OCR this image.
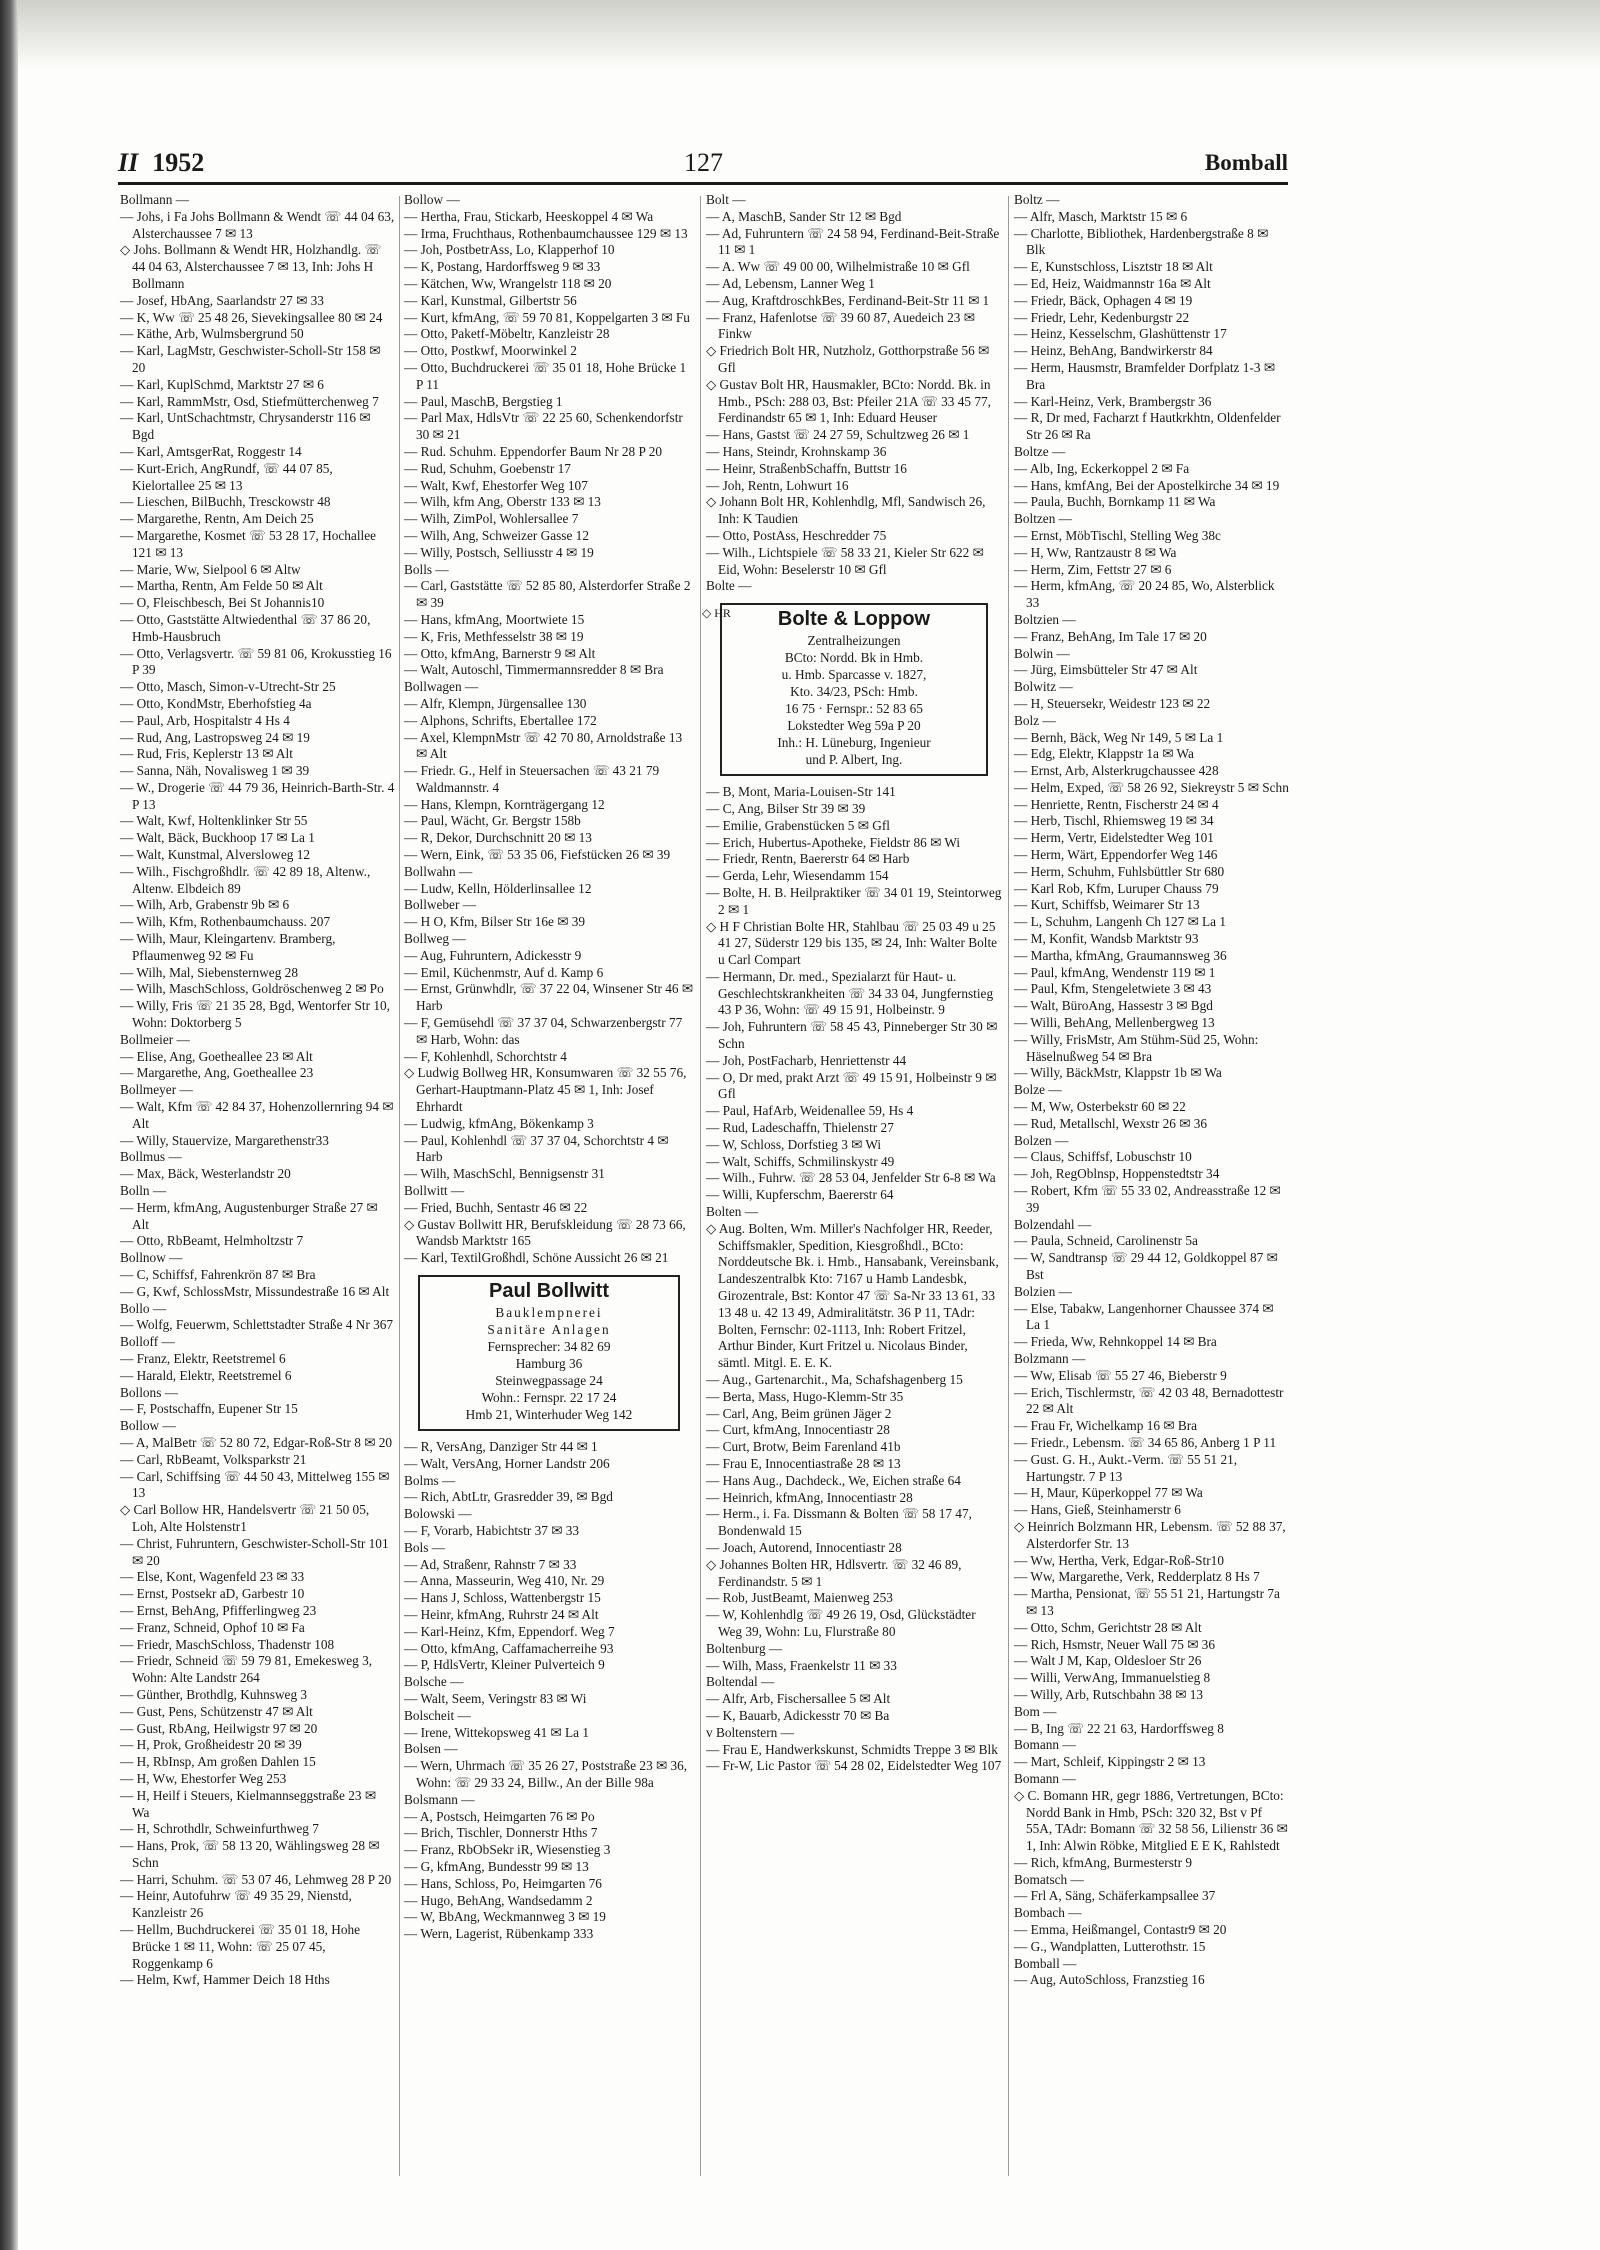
II 1952	127	Bomball

Bollmann —

— Johs, i Fa Johs Bollmann & Wendt ☏ 44 04 63, Alsterchaussee 7 ✉ 13

◇ Johs. Bollmann & Wendt HR, Holzhandlg. ☏ 44 04 63, Alsterchaussee 7 ✉ 13, Inh: Johs H Bollmann

— Josef, HbAng, Saarlandstr 27 ✉ 33

— K, Ww ☏ 25 48 26, Sievekingsallee 80 ✉ 24

— Käthe, Arb, Wulmsbergrund 50

— Karl, LagMstr, Geschwister-Scholl-Str 158 ✉ 20

— Karl, KuplSchmd, Marktstr 27 ✉ 6

— Karl, RammMstr, Osd, Stiefmütterchenweg 7

— Karl, UntSchachtmstr, Chrysanderstr 116 ✉ Bgd

— Karl, AmtsgerRat, Roggestr 14

— Kurt-Erich, AngRundf, ☏ 44 07 85, Kielortallee 25 ✉ 13

— Lieschen, BilBuchh, Tresckowstr 48

— Margarethe, Rentn, Am Deich 25

— Margarethe, Kosmet ☏ 53 28 17, Hochallee 121 ✉ 13

— Marie, Ww, Sielpool 6 ✉ Altw

— Martha, Rentn, Am Felde 50 ✉ Alt

— O, Fleischbesch, Bei St Johannis10

— Otto, Gaststätte Altwiedenthal ☏ 37 86 20, Hmb-Hausbruch

— Otto, Verlagsvertr. ☏ 59 81 06, Krokusstieg 16 P 39

— Otto, Masch, Simon-v-Utrecht-Str 25

— Otto, KondMstr, Eberhofstieg 4a

— Paul, Arb, Hospitalstr 4 Hs 4

— Rud, Ang, Lastropsweg 24 ✉ 19

— Rud, Fris, Keplerstr 13 ✉ Alt

— Sanna, Näh, Novalisweg 1 ✉ 39

— W., Drogerie ☏ 44 79 36, Heinrich-Barth-Str. 4 P 13

— Walt, Kwf, Holtenklinker Str 55

— Walt, Bäck, Buckhoop 17 ✉ La 1

— Walt, Kunstmal, Alversloweg 12

— Wilh., Fischgroßhdlr. ☏ 42 89 18, Altenw., Altenw. Elbdeich 89

— Wilh, Arb, Grabenstr 9b ✉ 6

— Wilh, Kfm, Rothenbaumchauss. 207

— Wilh, Maur, Kleingartenv. Bramberg, Pflaumenweg 92 ✉ Fu

— Wilh, Mal, Siebensternweg 28

— Wilh, MaschSchloss, Goldröschenweg 2 ✉ Po

— Willy, Fris ☏ 21 35 28, Bgd, Wentorfer Str 10, Wohn: Doktorberg 5

Bollmeier —

— Elise, Ang, Goetheallee 23 ✉ Alt

— Margarethe, Ang, Goetheallee 23

Bollmeyer —

— Walt, Kfm ☏ 42 84 37, Hohenzollernring 94 ✉ Alt

— Willy, Stauervize, Margarethenstr33

Bollmus —

— Max, Bäck, Westerlandstr 20

Bolln —

— Herm, kfmAng, Augustenburger Straße 27 ✉ Alt

— Otto, RbBeamt, Helmholtzstr 7

Bollnow —

— C, Schiffsf, Fahrenkrön 87 ✉ Bra

— G, Kwf, SchlossMstr, Missundestraße 16 ✉ Alt

Bollo —

— Wolfg, Feuerwm, Schlettstadter Straße 4 Nr 367

Bolloff —

— Franz, Elektr, Reetstremel 6

— Harald, Elektr, Reetstremel 6

Bollons —

— F, Postschaffn, Eupener Str 15

Bollow —

— A, MalBetr ☏ 52 80 72, Edgar-Roß-Str 8 ✉ 20

— Carl, RbBeamt, Volksparkstr 21

— Carl, Schiffsing ☏ 44 50 43, Mittelweg 155 ✉ 13

◇ Carl Bollow HR, Handelsvertr ☏ 21 50 05, Loh, Alte Holstenstr1

— Christ, Fuhruntern, Geschwister-Scholl-Str 101 ✉ 20

— Else, Kont, Wagenfeld 23 ✉ 33

— Ernst, Postsekr aD, Garbestr 10

— Ernst, BehAng, Pfifferlingweg 23

— Franz, Schneid, Ophof 10 ✉ Fa

— Friedr, MaschSchloss, Thadenstr 108

— Friedr, Schneid ☏ 59 79 81, Emekesweg 3, Wohn: Alte Landstr 264

— Günther, Brothdlg, Kuhnsweg 3

— Gust, Pens, Schützenstr 47 ✉ Alt

— Gust, RbAng, Heilwigstr 97 ✉ 20

— H, Prok, Großheidestr 20 ✉ 39

— H, RbInsp, Am großen Dahlen 15

— H, Ww, Ehestorfer Weg 253

— H, Heilf i Steuers, Kielmannseggstraße 23 ✉ Wa

— H, Schrothdlr, Schweinfurthweg 7

— Hans, Prok, ☏ 58 13 20, Wählingsweg 28 ✉ Schn

— Harri, Schuhm. ☏ 53 07 46, Lehmweg 28 P 20

— Heinr, Autofuhrw ☏ 49 35 29, Nienstd, Kanzleistr 26

— Hellm, Buchdruckerei ☏ 35 01 18, Hohe Brücke 1 ✉ 11, Wohn: ☏ 25 07 45, Roggenkamp 6

— Helm, Kwf, Hammer Deich 18 Hths

Bollow —

— Hertha, Frau, Stickarb, Heeskoppel 4 ✉ Wa

— Irma, Fruchthaus, Rothenbaumchaussee 129 ✉ 13

— Joh, PostbetrAss, Lo, Klapperhof 10

— K, Postang, Hardorffsweg 9 ✉ 33

— Kätchen, Ww, Wrangelstr 118 ✉ 20

— Karl, Kunstmal, Gilbertstr 56

— Kurt, kfmAng, ☏ 59 70 81, Koppelgarten 3 ✉ Fu

— Otto, Paketf-Möbeltr, Kanzleistr 28

— Otto, Postkwf, Moorwinkel 2

— Otto, Buchdruckerei ☏ 35 01 18, Hohe Brücke 1 P 11

— Paul, MaschB, Bergstieg 1

— Parl Max, HdlsVtr ☏ 22 25 60, Schenkendorfstr 30 ✉ 21

— Rud. Schuhm. Eppendorfer Baum Nr 28 P 20

— Rud, Schuhm, Goebenstr 17

— Walt, Kwf, Ehestorfer Weg 107

— Wilh, kfm Ang, Oberstr 133 ✉ 13

— Wilh, ZimPol, Wohlersallee 7

— Wilh, Ang, Schweizer Gasse 12

— Willy, Postsch, Selliusstr 4 ✉ 19

Bolls —

— Carl, Gaststätte ☏ 52 85 80, Alsterdorfer Straße 2 ✉ 39

— Hans, kfmAng, Moortwiete 15

— K, Fris, Methfesselstr 38 ✉ 19

— Otto, kfmAng, Barnerstr 9 ✉ Alt

— Walt, Autoschl, Timmermannsredder 8 ✉ Bra

Bollwagen —

— Alfr, Klempn, Jürgensallee 130

— Alphons, Schrifts, Ebertallee 172

— Axel, KlempnMstr ☏ 42 70 80, Arnoldstraße 13 ✉ Alt

— Friedr. G., Helf in Steuersachen ☏ 43 21 79 Waldmannstr. 4

— Hans, Klempn, Kornträgergang 12

— Paul, Wächt, Gr. Bergstr 158b

— R, Dekor, Durchschnitt 20 ✉ 13

— Wern, Eink, ☏ 53 35 06, Fiefstücken 26 ✉ 39

Bollwahn —

— Ludw, Kelln, Hölderlinsallee 12

Bollweber —

— H O, Kfm, Bilser Str 16e ✉ 39

Bollweg —

— Aug, Fuhruntern, Adickesstr 9

— Emil, Küchenmstr, Auf d. Kamp 6

— Ernst, Grünwhdlr, ☏ 37 22 04, Winsener Str 46 ✉ Harb

— F, Gemüsehdl ☏ 37 37 04, Schwarzenbergstr 77 ✉ Harb, Wohn: das

— F, Kohlenhdl, Schorchtstr 4

◇ Ludwig Bollweg HR, Konsumwaren ☏ 32 55 76, Gerhart-Hauptmann-Platz 45 ✉ 1, Inh: Josef Ehrhardt

— Ludwig, kfmAng, Bökenkamp 3

— Paul, Kohlenhdl ☏ 37 37 04, Schorchtstr 4 ✉ Harb

— Wilh, MaschSchl, Bennigsenstr 31

Bollwitt —

— Fried, Buchh, Sentastr 46 ✉ 22

◇ Gustav Bollwitt HR, Berufskleidung ☏ 28 73 66, Wandsb Marktstr 165

— Karl, TextilGroßhdl, Schöne Aussicht 26 ✉ 21

Paul Bollwitt
Bauklempnerei
Sanitäre Anlagen
Fernsprecher: 34 82 69
Hamburg 36
Steinwegpassage 24
Wohn.: Fernspr. 22 17 24
Hmb 21, Winterhuder Weg 142

— R, VersAng, Danziger Str 44 ✉ 1

— Walt, VersAng, Horner Landstr 206

Bolms —

— Rich, AbtLtr, Grasredder 39, ✉ Bgd

Bolowski —

— F, Vorarb, Habichtstr 37 ✉ 33

Bols —

— Ad, Straßenr, Rahnstr 7 ✉ 33

— Anna, Masseurin, Weg 410, Nr. 29

— Hans J, Schloss, Wattenbergstr 15

— Heinr, kfmAng, Ruhrstr 24 ✉ Alt

— Karl-Heinz, Kfm, Eppendorf. Weg 7

— Otto, kfmAng, Caffamacherreihe 93

— P, HdlsVertr, Kleiner Pulverteich 9

Bolsche —

— Walt, Seem, Veringstr 83 ✉ Wi

Bolscheit —

— Irene, Wittekopsweg 41 ✉ La 1

Bolsen —

— Wern, Uhrmach ☏ 35 26 27, Poststraße 23 ✉ 36, Wohn: ☏ 29 33 24, Billw., An der Bille 98a

Bolsmann —

— A, Postsch, Heimgarten 76 ✉ Po

— Brich, Tischler, Donnerstr Hths 7

— Franz, RbObSekr iR, Wiesenstieg 3

— G, kfmAng, Bundesstr 99 ✉ 13

— Hans, Schloss, Po, Heimgarten 76

— Hugo, BehAng, Wandsedamm 2

— W, BbAng, Weckmannweg 3 ✉ 19

— Wern, Lagerist, Rübenkamp 333

Bolt —

— A, MaschB, Sander Str 12 ✉ Bgd

— Ad, Fuhruntern ☏ 24 58 94, Ferdinand-Beit-Straße 11 ✉ 1

— A. Ww ☏ 49 00 00, Wilhelmistraße 10 ✉ Gfl

— Ad, Lebensm, Lanner Weg 1

— Aug, KraftdroschkBes, Ferdinand-Beit-Str 11 ✉ 1

— Franz, Hafenlotse ☏ 39 60 87, Auedeich 23 ✉ Finkw

◇ Friedrich Bolt HR, Nutzholz, Gotthorpstraße 56 ✉ Gfl

◇ Gustav Bolt HR, Hausmakler, BCto: Nordd. Bk. in Hmb., PSch: 288 03, Bst: Pfeiler 21A ☏ 33 45 77, Ferdinandstr 65 ✉ 1, Inh: Eduard Heuser

— Hans, Gastst ☏ 24 27 59, Schultzweg 26 ✉ 1

— Hans, Steindr, Krohnskamp 36

— Heinr, StraßenbSchaffn, Buttstr 16

— Joh, Rentn, Lohwurt 16

◇ Johann Bolt HR, Kohlenhdlg, Mfl, Sandwisch 26, Inh: K Taudien

— Otto, PostAss, Heschredder 75

— Wilh., Lichtspiele ☏ 58 33 21, Kieler Str 622 ✉ Eid, Wohn: Beselerstr 10 ✉ Gfl

Bolte —

◇ HR	Bolte & Loppow
Zentralheizungen
BCto: Nordd. Bk in Hmb.
u. Hmb. Sparcasse v. 1827,
Kto. 34/23, PSch: Hmb.
16 75 · Fernspr.: 52 83 65
Lokstedter Weg 59a P 20
Inh.: H. Lüneburg, Ingenieur
und P. Albert, Ing.

— B, Mont, Maria-Louisen-Str 141

— C, Ang, Bilser Str 39 ✉ 39

— Emilie, Grabenstücken 5 ✉ Gfl

— Erich, Hubertus-Apotheke, Fieldstr 86 ✉ Wi

— Friedr, Rentn, Baererstr 64 ✉ Harb

— Gerda, Lehr, Wiesendamm 154

— Bolte, H. B. Heilpraktiker ☏ 34 01 19, Steintorweg 2 ✉ 1

◇ H F Christian Bolte HR, Stahlbau ☏ 25 03 49 u 25 41 27, Süderstr 129 bis 135, ✉ 24, Inh: Walter Bolte u Carl Compart

— Hermann, Dr. med., Spezialarzt für Haut- u. Geschlechtskrankheiten ☏ 34 33 04, Jungfernstieg 43 P 36, Wohn: ☏ 49 15 91, Holbeinstr. 9

— Joh, Fuhruntern ☏ 58 45 43, Pinneberger Str 30 ✉ Schn

— Joh, PostFacharb, Henriettenstr 44

— O, Dr med, prakt Arzt ☏ 49 15 91, Holbeinstr 9 ✉ Gfl

— Paul, HafArb, Weidenallee 59, Hs 4

— Rud, Ladeschaffn, Thielenstr 27

— W, Schloss, Dorfstieg 3 ✉ Wi

— Walt, Schiffs, Schmilinskystr 49

— Wilh., Fuhrw. ☏ 28 53 04, Jenfelder Str 6-8 ✉ Wa

— Willi, Kupferschm, Baererstr 64

Bolten —

◇ Aug. Bolten, Wm. Miller's Nachfolger HR, Reeder, Schiffsmakler, Spedition, Kiesgroßhdl., BCto: Norddeutsche Bk. i. Hmb., Hansabank, Vereinsbank, Landeszentralbk Kto: 7167 u Hamb Landesbk, Girozentrale, Bst: Kontor 47 ☏ Sa-Nr 33 13 61, 33 13 48 u. 42 13 49, Admiralitätstr. 36 P 11, TAdr: Bolten, Fernschr: 02-1113, Inh: Robert Fritzel, Arthur Binder, Kurt Fritzel u. Nicolaus Binder, sämtl. Mitgl. E. E. K.

— Aug., Gartenarchit., Ma, Schafshagenberg 15

— Berta, Mass, Hugo-Klemm-Str 35

— Carl, Ang, Beim grünen Jäger 2

— Curt, kfmAng, Innocentiastr 28

— Curt, Brotw, Beim Farenland 41b

— Frau E, Innocentiastraße 28 ✉ 13

— Hans Aug., Dachdeck., We, Eichen straße 64

— Heinrich, kfmAng, Innocentiastr 28

— Herm., i. Fa. Dissmann & Bolten ☏ 58 17 47, Bondenwald 15

— Joach, Autorend, Innocentiastr 28

◇ Johannes Bolten HR, Hdlsvertr. ☏ 32 46 89, Ferdinandstr. 5 ✉ 1

— Rob, JustBeamt, Maienweg 253

— W, Kohlenhdlg ☏ 49 26 19, Osd, Glückstädter Weg 39, Wohn: Lu, Flurstraße 80

Boltenburg —

— Wilh, Mass, Fraenkelstr 11 ✉ 33

Boltendal —

— Alfr, Arb, Fischersallee 5 ✉ Alt

— K, Bauarb, Adickesstr 70 ✉ Ba

v Boltenstern —

— Frau E, Handwerkskunst, Schmidts Treppe 3 ✉ Blk

— Fr-W, Lic Pastor ☏ 54 28 02, Eidelstedter Weg 107

Boltz —

— Alfr, Masch, Marktstr 15 ✉ 6

— Charlotte, Bibliothek, Hardenbergstraße 8 ✉ Blk

— E, Kunstschloss, Lisztstr 18 ✉ Alt

— Ed, Heiz, Waidmannstr 16a ✉ Alt

— Friedr, Bäck, Ophagen 4 ✉ 19

— Friedr, Lehr, Kedenburgstr 22

— Heinz, Kesselschm, Glashüttenstr 17

— Heinz, BehAng, Bandwirkerstr 84

— Herm, Hausmstr, Bramfelder Dorfplatz 1-3 ✉ Bra

— Karl-Heinz, Verk, Brambergstr 36

— R, Dr med, Facharzt f Hautkrkhtn, Oldenfelder Str 26 ✉ Ra

Boltze —

— Alb, Ing, Eckerkoppel 2 ✉ Fa

— Hans, kmfAng, Bei der Apostelkirche 34 ✉ 19

— Paula, Buchh, Bornkamp 11 ✉ Wa

Boltzen —

— Ernst, MöbTischl, Stelling Weg 38c

— H, Ww, Rantzaustr 8 ✉ Wa

— Herm, Zim, Fettstr 27 ✉ 6

— Herm, kfmAng, ☏ 20 24 85, Wo, Alsterblick 33

Boltzien —

— Franz, BehAng, Im Tale 17 ✉ 20

Bolwin —

— Jürg, Eimsbütteler Str 47 ✉ Alt

Bolwitz —

— H, Steuersekr, Weidestr 123 ✉ 22

Bolz —

— Bernh, Bäck, Weg Nr 149, 5 ✉ La 1

— Edg, Elektr, Klappstr 1a ✉ Wa

— Ernst, Arb, Alsterkrugchaussee 428

— Helm, Exped, ☏ 58 26 92, Siekreystr 5 ✉ Schn

— Henriette, Rentn, Fischerstr 24 ✉ 4

— Herb, Tischl, Rhiemsweg 19 ✉ 34

— Herm, Vertr, Eidelstedter Weg 101

— Herm, Wärt, Eppendorfer Weg 146

— Herm, Schuhm, Fuhlsbüttler Str 680

— Karl Rob, Kfm, Luruper Chauss 79

— Kurt, Schiffsb, Weimarer Str 13

— L, Schuhm, Langenh Ch 127 ✉ La 1

— M, Konfit, Wandsb Marktstr 93

— Martha, kfmAng, Graumannsweg 36

— Paul, kfmAng, Wendenstr 119 ✉ 1

— Paul, Kfm, Stengeletwiete 3 ✉ 43

— Walt, BüroAng, Hassestr 3 ✉ Bgd

— Willi, BehAng, Mellenbergweg 13

— Willy, FrisMstr, Am Stühm-Süd 25, Wohn: Häselnußweg 54 ✉ Bra

— Willy, BäckMstr, Klappstr 1b ✉ Wa

Bolze —

— M, Ww, Osterbekstr 60 ✉ 22

— Rud, Metallschl, Wexstr 26 ✉ 36

Bolzen —

— Claus, Schiffsf, Lobuschstr 10

— Joh, RegOblnsp, Hoppenstedtstr 34

— Robert, Kfm ☏ 55 33 02, Andreasstraße 12 ✉ 39

Bolzendahl —

— Paula, Schneid, Carolinenstr 5a

— W, Sandtransp ☏ 29 44 12, Goldkoppel 87 ✉ Bst

Bolzien —

— Else, Tabakw, Langenhorner Chaussee 374 ✉ La 1

— Frieda, Ww, Rehnkoppel 14 ✉ Bra

Bolzmann —

— Ww, Elisab ☏ 55 27 46, Bieberstr 9

— Erich, Tischlermstr, ☏ 42 03 48, Bernadottestr 22 ✉ Alt

— Frau Fr, Wichelkamp 16 ✉ Bra

— Friedr., Lebensm. ☏ 34 65 86, Anberg 1 P 11

— Gust. G. H., Aukt.-Verm. ☏ 55 51 21, Hartungstr. 7 P 13

— H, Maur, Küperkoppel 77 ✉ Wa

— Hans, Gieß, Steinhamerstr 6

◇ Heinrich Bolzmann HR, Lebensm. ☏ 52 88 37, Alsterdorfer Str. 13

— Ww, Hertha, Verk, Edgar-Roß-Str10

— Ww, Margarethe, Verk, Redderplatz 8 Hs 7

— Martha, Pensionat, ☏ 55 51 21, Hartungstr 7a ✉ 13

— Otto, Schm, Gerichtstr 28 ✉ Alt

— Rich, Hsmstr, Neuer Wall 75 ✉ 36

— Walt J M, Kap, Oldesloer Str 26

— Willi, VerwAng, Immanuelstieg 8

— Willy, Arb, Rutschbahn 38 ✉ 13

Bom —

— B, Ing ☏ 22 21 63, Hardorffsweg 8

Bomann —

— Mart, Schleif, Kippingstr 2 ✉ 13

Bomann —

◇ C. Bomann HR, gegr 1886, Vertretungen, BCto: Nordd Bank in Hmb, PSch: 320 32, Bst v Pf 55A, TAdr: Bomann ☏ 32 58 56, Lilienstr 36 ✉ 1, Inh: Alwin Röbke, Mitglied E E K, Rahlstedt

— Rich, kfmAng, Burmesterstr 9

Bomatsch —

— Frl A, Säng, Schäferkampsallee 37

Bombach —

— Emma, Heißmangel, Contastr9 ✉ 20

— G., Wandplatten, Lutterothstr. 15

Bomball —

— Aug, AutoSchloss, Franzstieg 16
